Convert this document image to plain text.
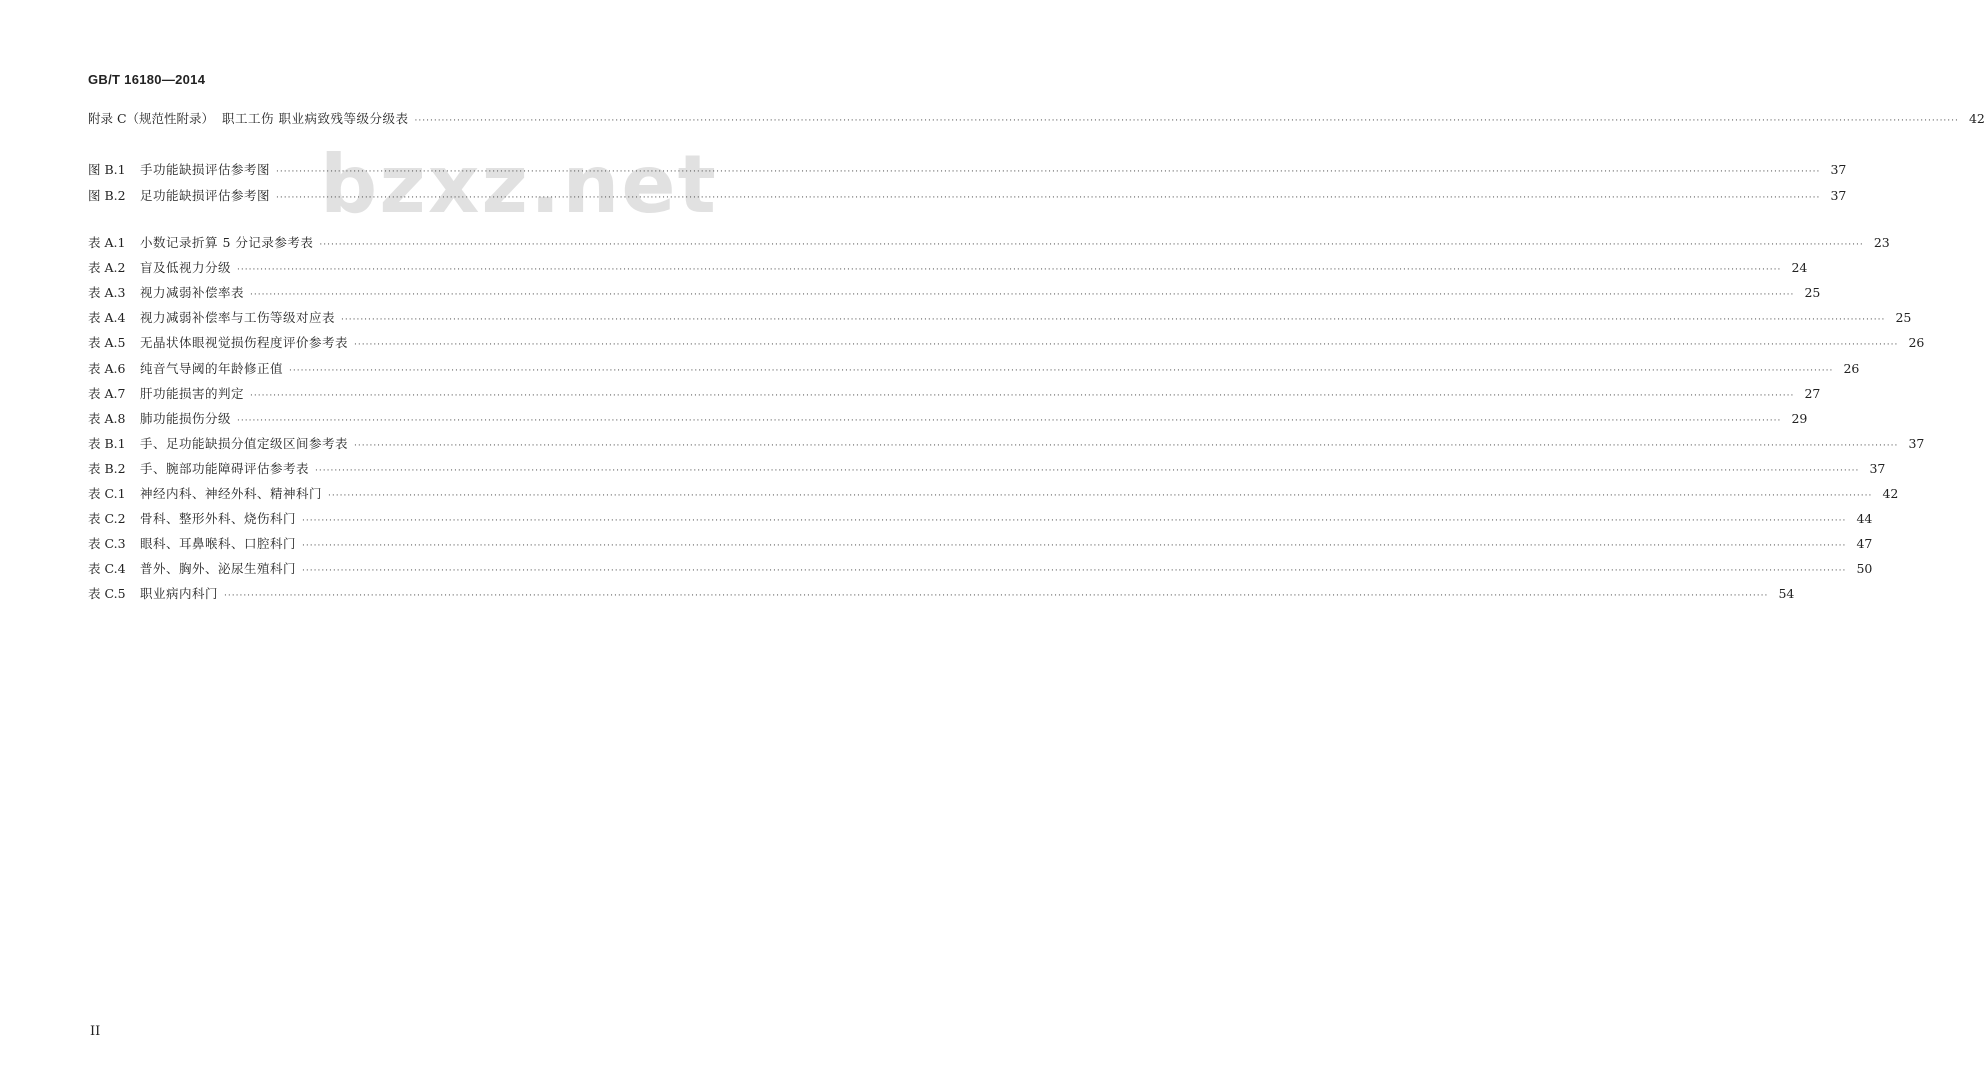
GB/T 16180—2014
bzxz.net
附录 C（规范性附录） 职工工伤 职业病致残等级分级表 ················································································································································································································································································································································································································ 42
图 B.1	手功能缺损评估参考图 ················································································································································································································································································································································································································ 37
图 B.2	足功能缺损评估参考图 ················································································································································································································································································································································································································ 37
表 A.1	小数记录折算 5 分记录参考表 ················································································································································································································································································································································································································ 23
表 A.2	盲及低视力分级 ················································································································································································································································································································································································································ 24
表 A.3	视力减弱补偿率表 ················································································································································································································································································································································································································ 25
表 A.4	视力减弱补偿率与工伤等级对应表 ················································································································································································································································································································································································································ 25
表 A.5	无晶状体眼视觉损伤程度评价参考表 ················································································································································································································································································································································································································ 26
表 A.6	纯音气导阈的年龄修正值 ················································································································································································································································································································································································································ 26
表 A.7	肝功能损害的判定 ················································································································································································································································································································································································································ 27
表 A.8	肺功能损伤分级 ················································································································································································································································································································································································································ 29
表 B.1	手、足功能缺损分值定级区间参考表 ················································································································································································································································································································································································································ 37
表 B.2	手、腕部功能障碍评估参考表 ················································································································································································································································································································································································································ 37
表 C.1	神经内科、神经外科、精神科门 ················································································································································································································································································································································································································ 42
表 C.2	骨科、整形外科、烧伤科门 ················································································································································································································································································································································································································ 44
表 C.3	眼科、耳鼻喉科、口腔科门 ················································································································································································································································································································································································································ 47
表 C.4	普外、胸外、泌尿生殖科门 ················································································································································································································································································································································································································ 50
表 C.5	职业病内科门 ················································································································································································································································································································································································································ 54
II
